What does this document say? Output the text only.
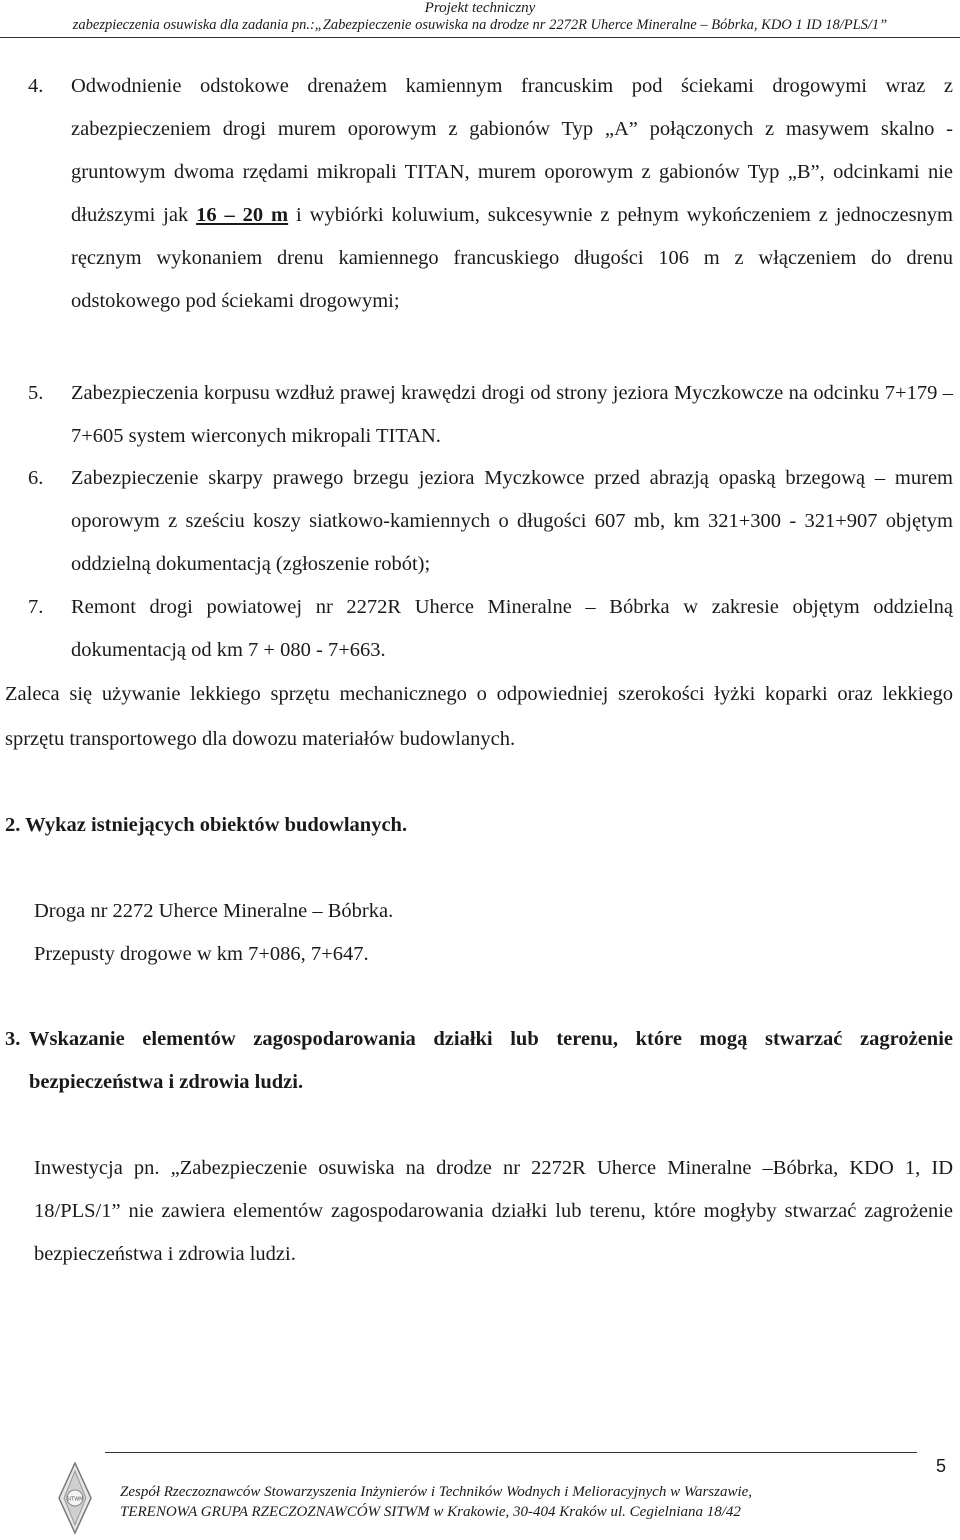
Projekt techniczny
zabezpieczenia osuwiska dla zadania pn.:„Zabezpieczenie osuwiska na drodze nr 2272R Uherce Mineralne – Bóbrka, KDO 1 ID 18/PLS/1”
4. Odwodnienie odstokowe drenażem kamiennym francuskim pod ściekami drogowymi wraz z zabezpieczeniem drogi murem oporowym z gabionów Typ „A” połączonych z masywem skalno - gruntowym dwoma rzędami mikropali TITAN, murem oporowym z gabionów Typ „B”, odcinkami nie dłuższymi jak 16 – 20 m i wybiórki koluwium, sukcesywnie z pełnym wykończeniem z jednoczesnym ręcznym wykonaniem drenu kamiennego francuskiego długości 106 m z włączeniem do drenu odstokowego pod ściekami drogowymi;
5. Zabezpieczenia korpusu wzdłuż prawej krawędzi drogi od strony jeziora Myczkowcze na odcinku 7+179 – 7+605 system wierconych mikropali TITAN.
6. Zabezpieczenie skarpy prawego brzegu jeziora Myczkowce przed abrazją opaską brzegową – murem oporowym z sześciu koszy siatkowo-kamiennych o długości 607 mb, km 321+300 - 321+907 objętym oddzielną dokumentacją (zgłoszenie robót);
7. Remont drogi powiatowej nr 2272R Uherce Mineralne – Bóbrka w zakresie objętym oddzielną dokumentacją od km 7 + 080 - 7+663.
Zaleca się używanie lekkiego sprzętu mechanicznego o odpowiedniej szerokości łyżki koparki oraz lekkiego sprzętu transportowego dla dowozu materiałów budowlanych.
2. Wykaz istniejących obiektów budowlanych.
Droga nr 2272 Uherce Mineralne – Bóbrka.
Przepusty drogowe w km 7+086, 7+647.
3. Wskazanie elementów zagospodarowania działki lub terenu, które mogą stwarzać zagrożenie bezpieczeństwa i zdrowia ludzi.
Inwestycja pn. „Zabezpieczenie osuwiska na drodze nr 2272R Uherce Mineralne –Bóbrka, KDO 1, ID 18/PLS/1” nie zawiera elementów zagospodarowania działki lub terenu, które mogłyby stwarzać zagrożenie bezpieczeństwa i zdrowia ludzi.
5
SITWM	Zespół Rzeczoznawców Stowarzyszenia Inżynierów i Techników Wodnych i Melioracyjnych w Warszawie,
TERENOWA GRUPA RZECZOZNAWCÓW SITWM w Krakowie, 30-404 Kraków ul. Cegielniana 18/42
